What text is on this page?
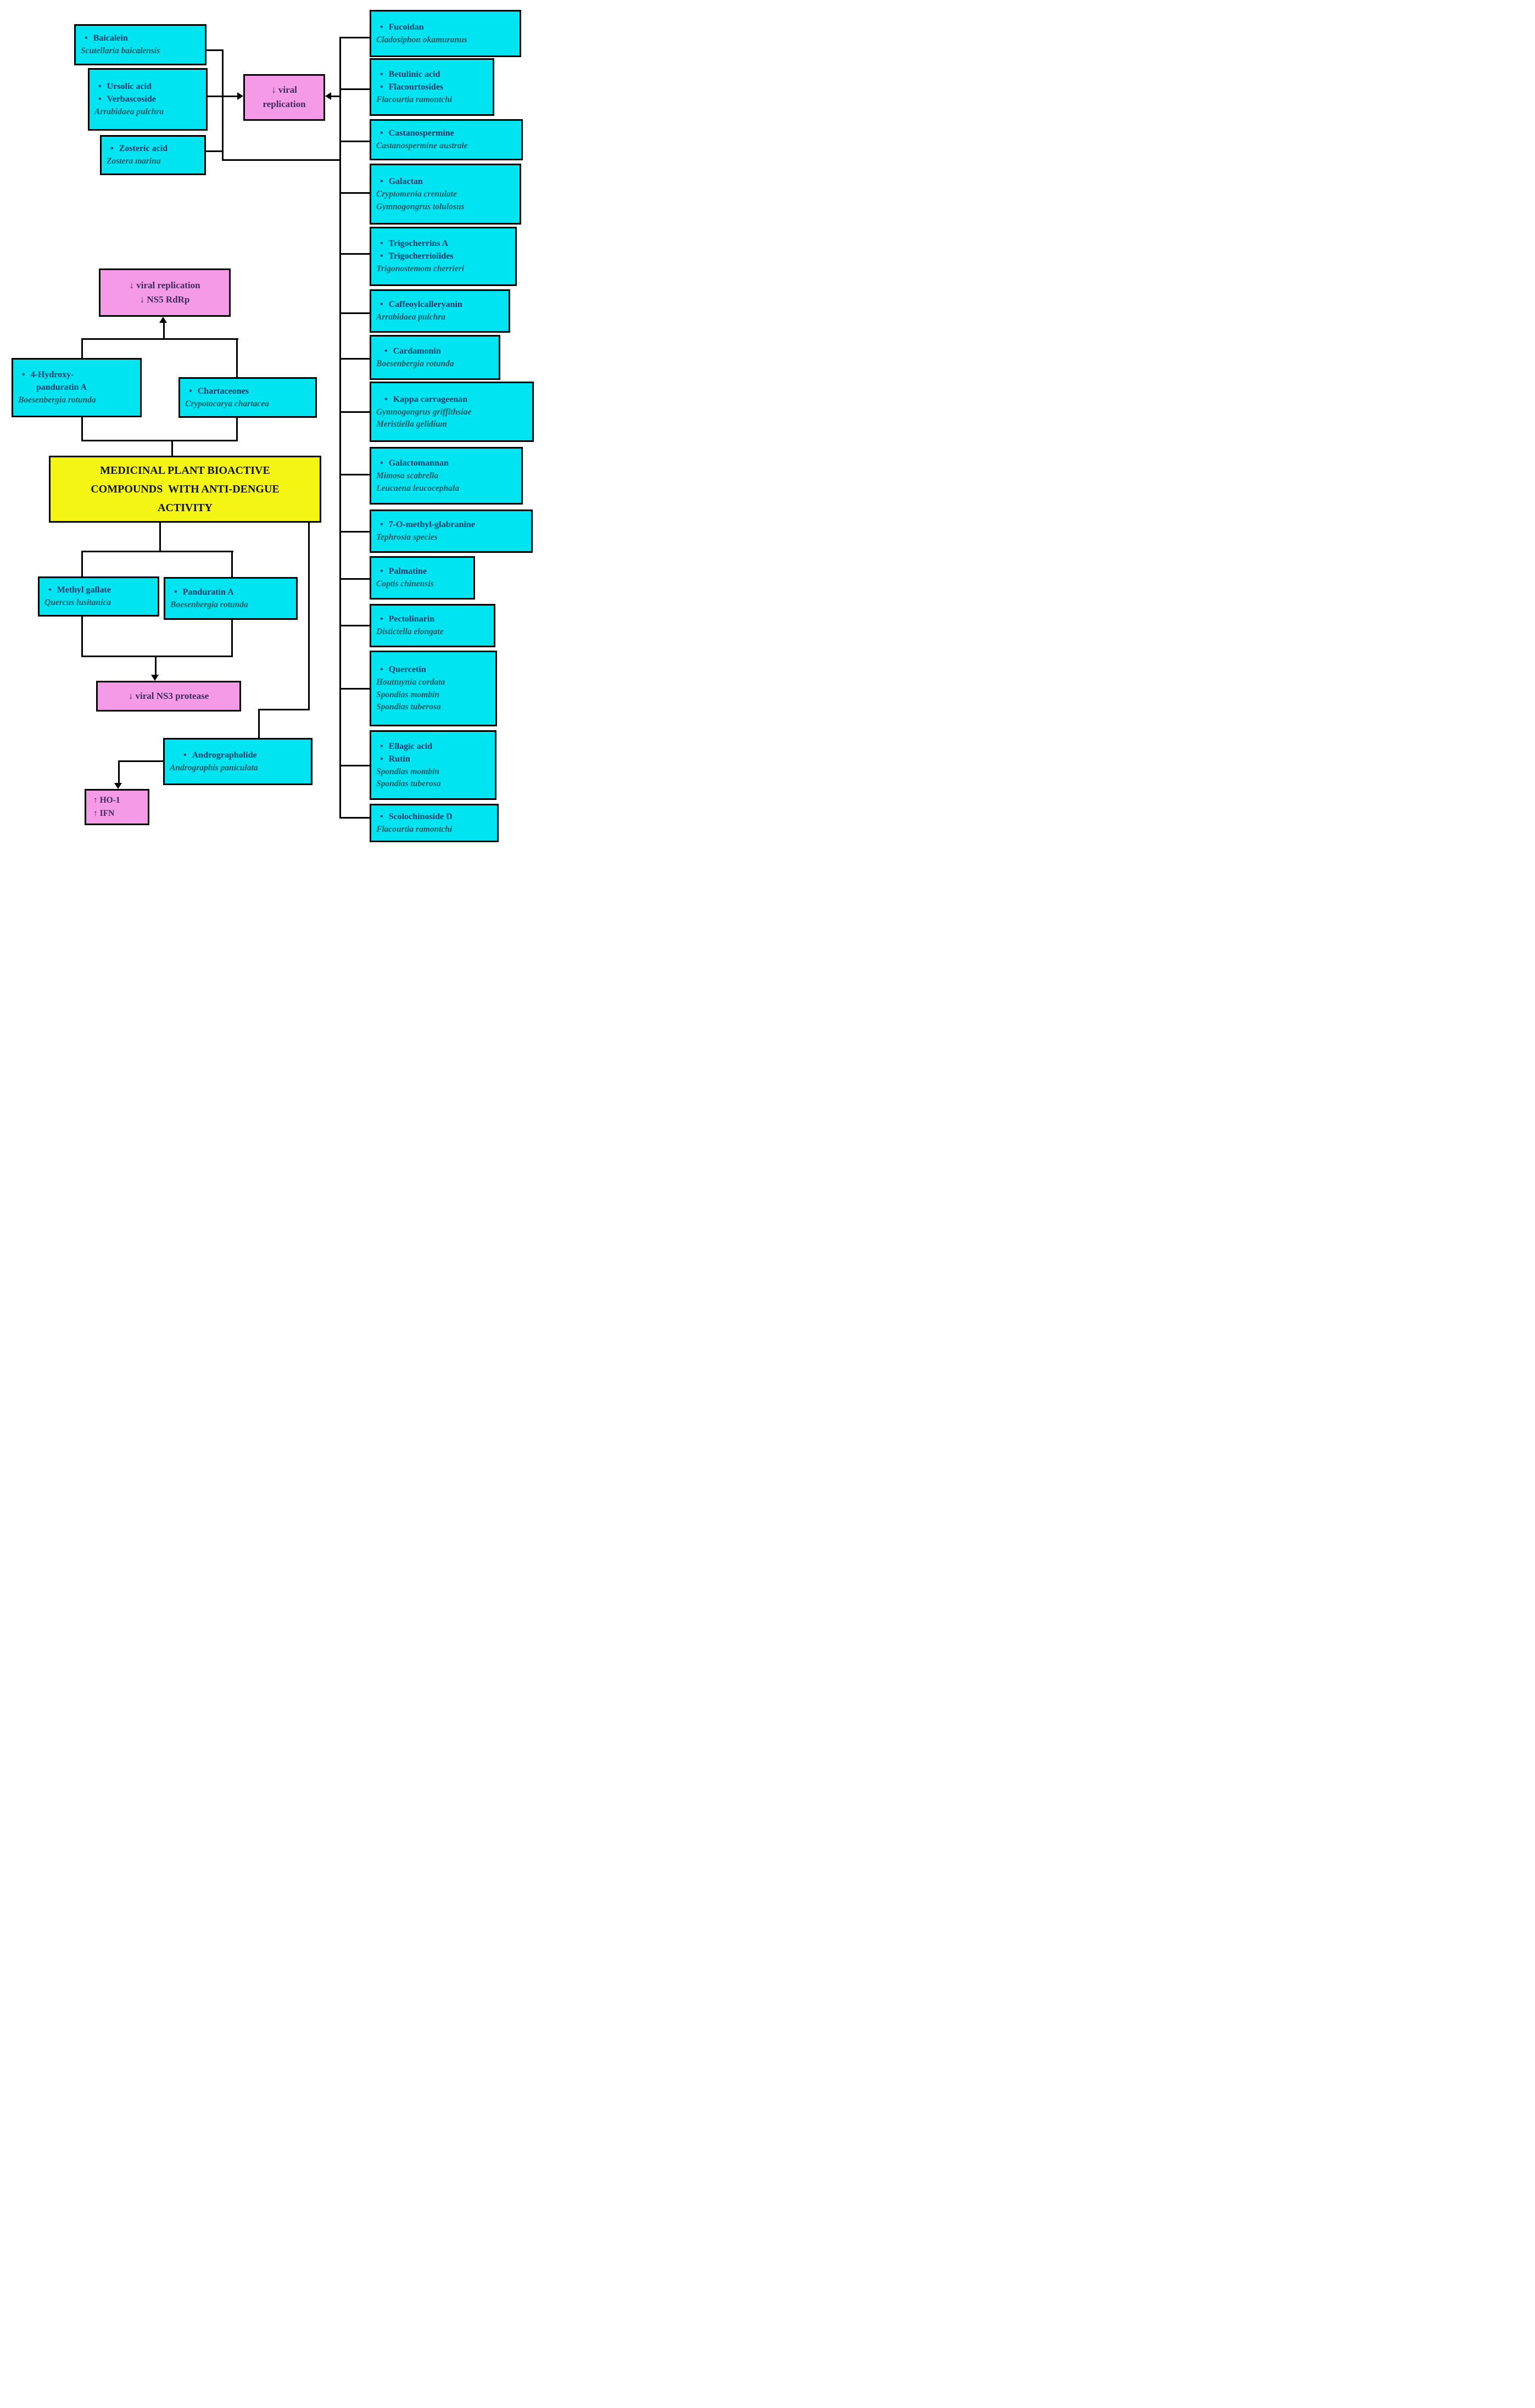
• Baicalein
Scutellaria baicalensis
• Ursolic acid
• Verbascoside
Arrabidaea pulchra
• Zosteric acid
Zostera marina
↓ viral
replication
↓ viral replication
↓ NS5 RdRp
• 4-Hydroxy-
panduratin A
Boesenbergia rotunda
• Chartaceones
Crypotocarya chartacea
MEDICINAL PLANT BIOACTIVE
COMPOUNDS  WITH ANTI-DENGUE
ACTIVITY
• Methyl gallate
Quercus lusitanica
• Panduratin A
Boesenbergia rotunda
↓ viral NS3 protease
• Andrographolide
Andrographis paniculata
↑ HO-1
↑ IFN
• Fucoidan
Cladosiphon okamuranus
• Betulinic acid
• Flacourtosides
Flacourtia ramontchi
• Castanospermine
Castanospermine australe
• Galactan
Cryptomenia crenulate
Gymnogongrus tolulosus
• Trigocherrins A
• Trigocherriolides
Trigonostemom cherrieri
• Caffeoylcalleryanin
Arrabidaea pulchra
• Cardamonin
Boesenbergia rotunda
• Kappa carrageenan
Gymnogongrus griffithsiae
Meristiella gelidium
• Galactomannan
Mimosa scabrella
Leucaena leucocephala
• 7-O-methyl-glabranine
Tephrosia species
• Palmatine
Coptis chinensis
• Pectolinarin
Distictella elongate
• Quercetin
Houttuynia cordata
Spondias mombin
Spondias tuberosa
• Ellagic acid
• Rutin
Spondias mombin
Spondias tuberosa
• Scolochinoside D
Flacourtia ramontchi
